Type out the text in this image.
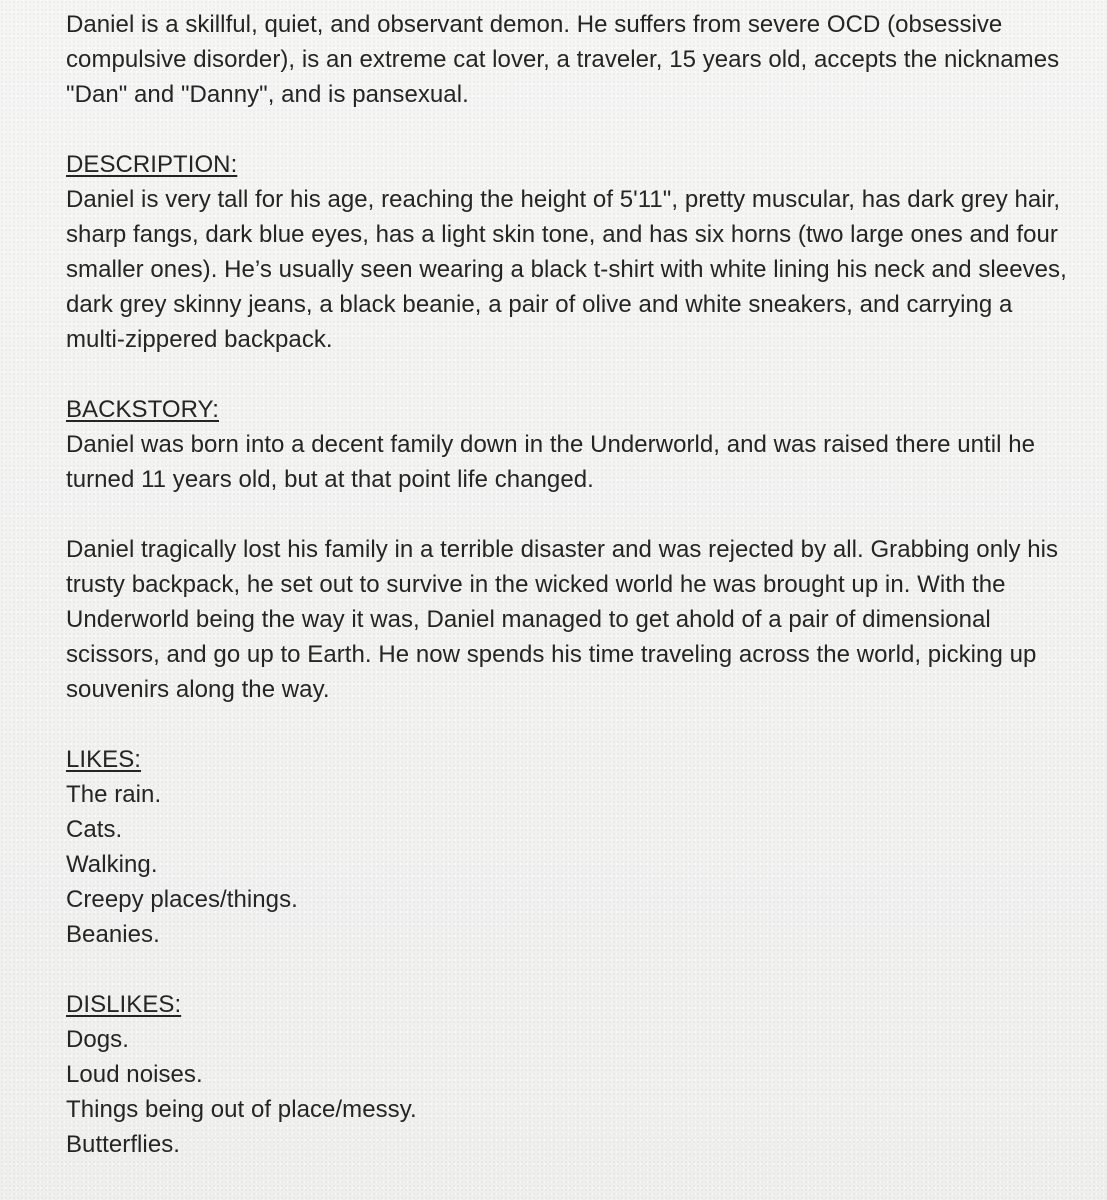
Daniel is a skillful, quiet, and observant demon. He suffers from severe OCD (obsessive compulsive disorder), is an extreme cat lover, a traveler, 15 years old, accepts the nicknames "Dan" and "Danny", and is pansexual.

DESCRIPTION:

Daniel is very tall for his age, reaching the height of 5'11", pretty muscular, has dark grey hair, sharp fangs, dark blue eyes, has a light skin tone, and has six horns (two large ones and four smaller ones). He’s usually seen wearing a black t-shirt with white lining his neck and sleeves, dark grey skinny jeans, a black beanie, a pair of olive and white sneakers, and carrying a multi-zippered backpack.

BACKSTORY:

Daniel was born into a decent family down in the Underworld, and was raised there until he turned 11 years old, but at that point life changed.

Daniel tragically lost his family in a terrible disaster and was rejected by all. Grabbing only his trusty backpack, he set out to survive in the wicked world he was brought up in. With the Underworld being the way it was, Daniel managed to get ahold of a pair of dimensional scissors, and go up to Earth. He now spends his time traveling across the world, picking up souvenirs along the way.

LIKES:

The rain.

Cats.

Walking.

Creepy places/things.

Beanies.

DISLIKES:

Dogs.

Loud noises.

Things being out of place/messy.

Butterflies.
